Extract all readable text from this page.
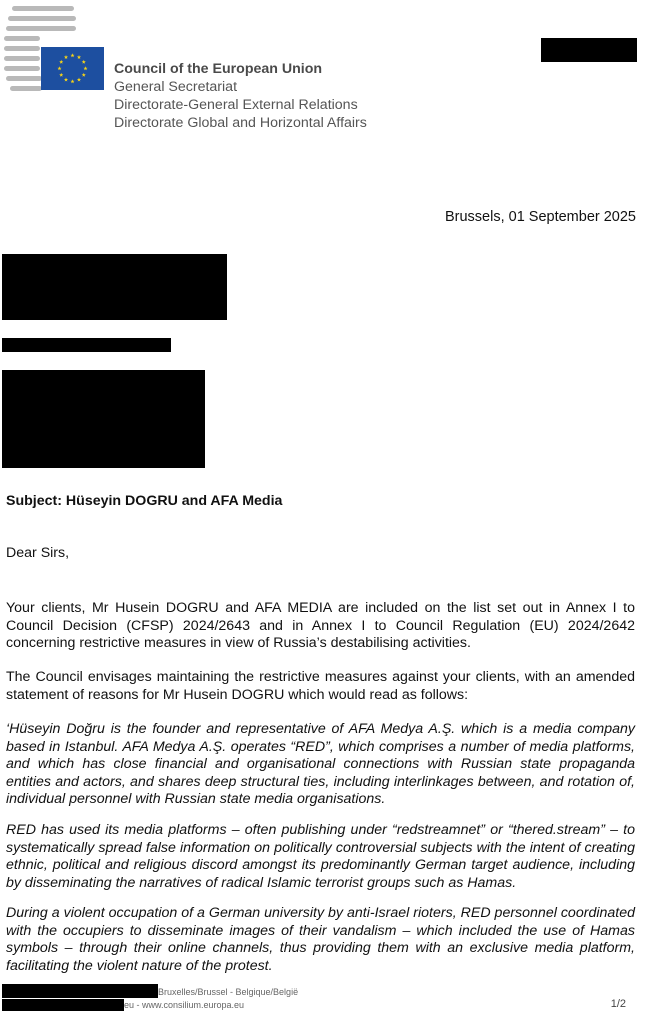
Council of the European Union
General Secretariat
Directorate-General External Relations
Directorate Global and Horizontal Affairs
Brussels, 01 September 2025
Subject: Hüseyin DOGRU and AFA Media
Dear Sirs,
Your clients, Mr Husein DOGRU and AFA MEDIA are included on the list set out in Annex I to Council Decision (CFSP) 2024/2643 and in Annex I to Council Regulation (EU) 2024/2642 concerning restrictive measures in view of Russia’s destabilising activities.
The Council envisages maintaining the restrictive measures against your clients, with an amended statement of reasons for Mr Husein DOGRU which would read as follows:
‘Hüseyin Doğru is the founder and representative of AFA Medya A.Ş. which is a media company based in Istanbul. AFA Medya A.Ş. operates “RED”, which comprises a number of media platforms, and which has close financial and organisational connections with Russian state propaganda entities and actors, and shares deep structural ties, including interlinkages between, and rotation of, individual personnel with Russian state media organisations.
RED has used its media platforms – often publishing under “redstreamnet” or “thered.stream” – to systematically spread false information on politically controversial subjects with the intent of creating ethnic, political and religious discord amongst its predominantly German target audience, including by disseminating the narratives of radical Islamic terrorist groups such as Hamas.
During a violent occupation of a German university by anti-Israel rioters, RED personnel coordinated with the occupiers to disseminate images of their vandalism – which included the use of Hamas symbols – through their online channels, thus providing them with an exclusive media platform, facilitating the violent nature of the protest.
Bruxelles/Brussel - Belgique/België
eu - www.consilium.europa.eu	1/2
